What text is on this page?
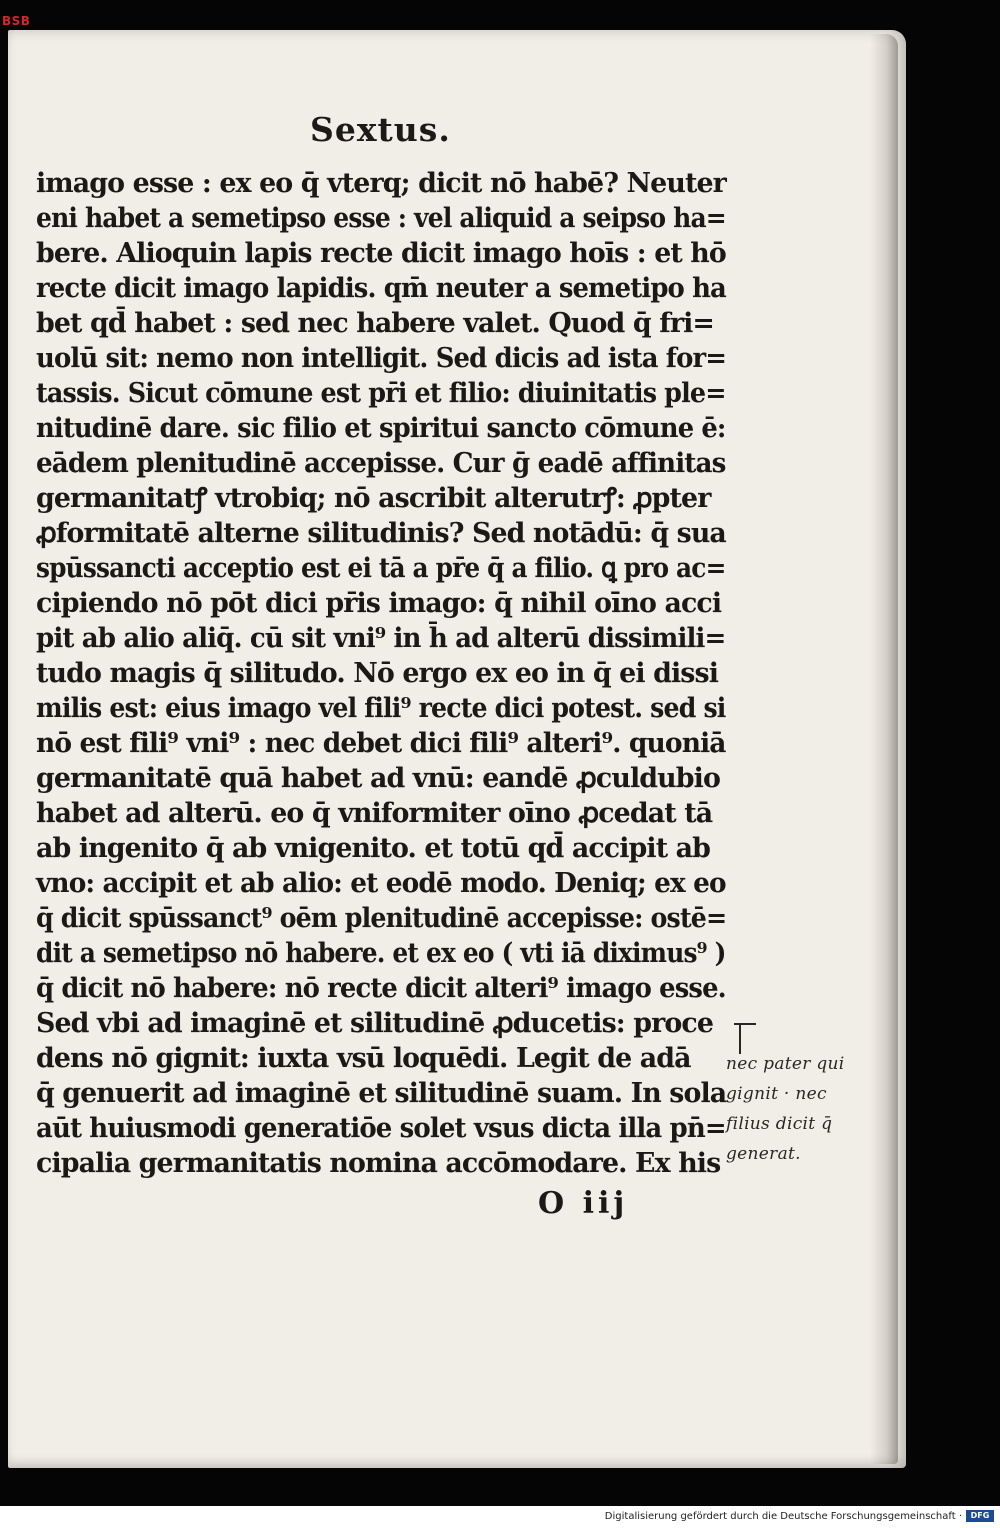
BSB
Sextus.
imago esse : ex eo q̄ vterq; dicit nō habē? Neuter
eni habet a semetipso esse : vel aliquid a seipso ha=
bere. Alioquin lapis recte dicit imago hoīs : et hō
recte dicit imago lapidis. qm̄ neuter a semetipo ha
bet qd̄ habet : sed nec habere valet. Quod q̄ fri=
uolū sit: nemo non intelligit. Sed dicis ad ista for=
tassis. Sicut cōmune est pr̄i et filio: diuinitatis ple=
nitudinē dare. sic filio et spiritui sancto cōmune ē:
eādem plenitudinē accepisse. Cur ḡ eadē affinitas
germanitatꝭ vtrobiq; nō ascribit alterutrꝭ: ꝓpter
ꝓformitatē alterne silitudinis? Sed notādū: q̄ sua
spūssancti acceptio est ei tā a pr̄e q̄ a filio. ꝗ pro ac=
cipiendo nō pōt dici pr̄is imago: q̄ nihil oīno acci
pit ab alio aliq̄. cū sit vni⁹ in h̄ ad alterū dissimili=
tudo magis q̄ silitudo. Nō ergo ex eo in q̄ ei dissi
milis est: eius imago vel fili⁹ recte dici potest. sed si
nō est fili⁹ vni⁹ : nec debet dici fili⁹ alteri⁹. quoniā
germanitatē quā habet ad vnū: eandē ꝓculdubio
habet ad alterū. eo q̄ vniformiter oīno ꝓcedat tā
ab ingenito q̄ ab vnigenito. et totū qd̄ accipit ab
vno: accipit et ab alio: et eodē modo. Deniq; ex eo
q̄ dicit spūssanct⁹ oēm plenitudinē accepisse: ostē=
dit a semetipso nō habere. et ex eo ( vti iā diximus⁹ )
q̄ dicit nō habere: nō recte dicit alteri⁹ imago esse.
Sed vbi ad imaginē et silitudinē ꝓducetis: proce
dens nō gignit: iuxta vsū loquēdi. Legit de adā
q̄ genuerit ad imaginē et silitudinē suam. In sola
aūt huiusmodi generatiōe solet vsus dicta illa pn̄=
cipalia germanitatis nomina accōmodare. Ex his
nec pater qui
gignit · nec
filius dicit q̄
generat.
O iij
Digitalisierung gefördert durch die Deutsche Forschungsgemeinschaft ·	DFG
